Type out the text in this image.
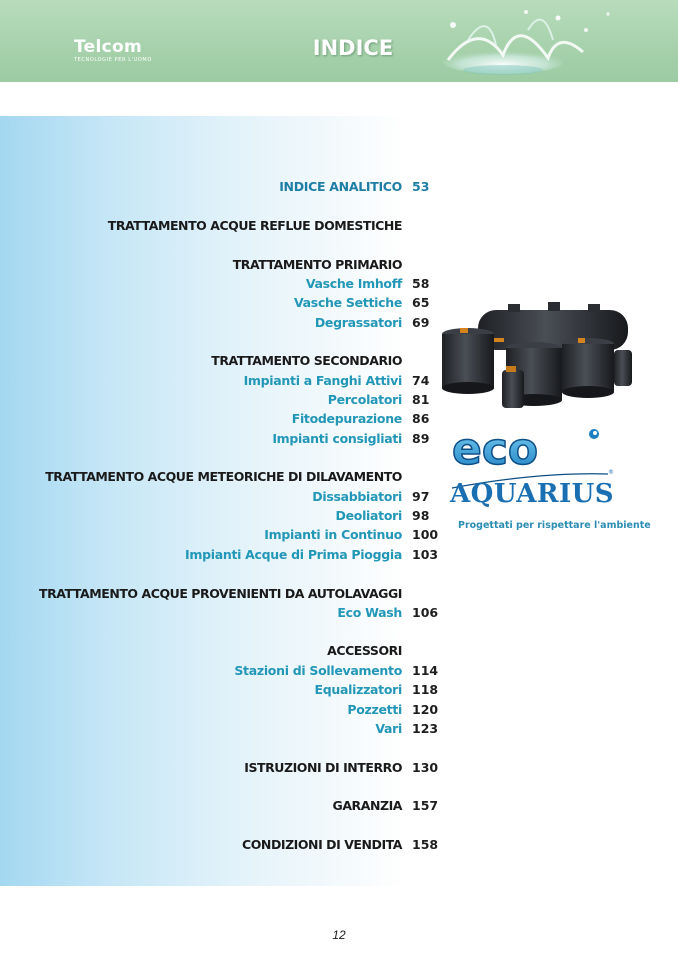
Telcom
TECNOLOGIE PER L'UOMO	INDICE
INDICE ANALITICO 53
TRATTAMENTO ACQUE REFLUE DOMESTICHE
TRATTAMENTO PRIMARIO
Vasche Imhoff 58
Vasche Settiche 65
Degrassatori 69
TRATTAMENTO SECONDARIO
Impianti a Fanghi Attivi 74
Percolatori 81
Fitodepurazione 86
Impianti consigliati 89
TRATTAMENTO ACQUE METEORICHE DI DILAVAMENTO
Dissabbiatori 97
Deoliatori 98
Impianti in Continuo 100
Impianti Acque di Prima Pioggia 103
TRATTAMENTO ACQUE PROVENIENTI DA AUTOLAVAGGI
Eco Wash 106
ACCESSORI
Stazioni di Sollevamento 114
Equalizzatori 118
Pozzetti 120
Vari 123
ISTRUZIONI DI INTERRO 130
GARANZIA 157
CONDIZIONI DI VENDITA 158
eco
AQUARIUS
®
Progettati per rispettare l'ambiente
12
